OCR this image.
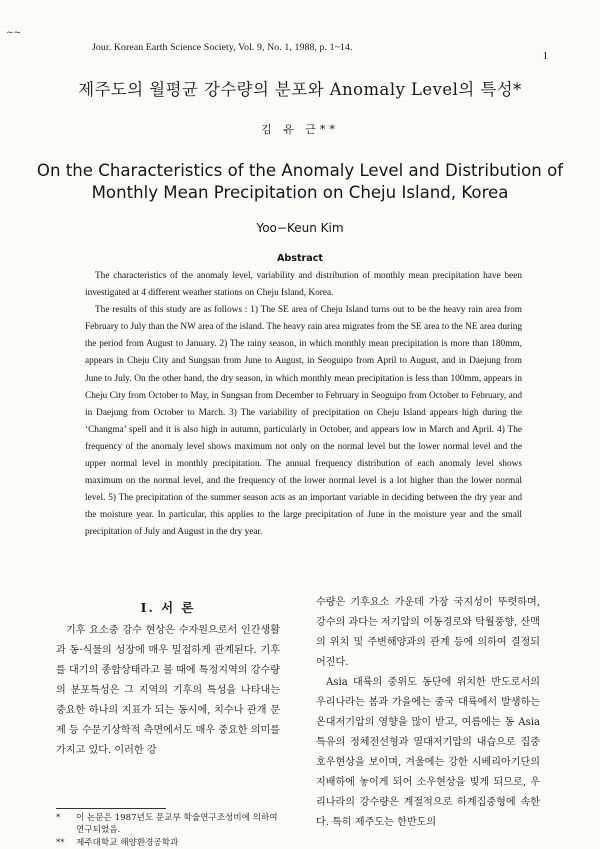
~~
Jour. Korean Earth Science Society, Vol. 9, No. 1, 1988, p. 1~14.
1
제주도의 월평균 강수량의 분포와 Anomaly Level의 특성*
김 유 근**
On the Characteristics of the Anomaly Level and Distribution of Monthly Mean Precipitation on Cheju Island, Korea
Yoo−Keun Kim
Abstract

The characteristics of the anomaly level, variability and distribution of monthly mean precipitation have been investigated at 4 different weather stations on Cheju Island, Korea.

The results of this study are as follows : 1) The SE area of Cheju Island turns out to be the heavy rain area from February to July than the NW area of the island. The heavy rain area migrates from the SE area to the NE area during the period from August to January. 2) The rainy season, in which monthly mean precipitation is more than 180mm, appears in Cheju City and Sungsan from June to August, in Seoguipo from April to August, and in Daejung from June to July. On the other hand, the dry season, in which monthly mean precipitation is less than 100mm, appears in Cheju City from October to May, in Sungsan from December to February in Seoguipo from October to February, and in Daejung from October to March. 3) The variability of precipitation on Cheju Island appears high during the ‘Changma’ spell and it is also high in autumn, particularly in October, and appears low in March and April. 4) The frequency of the anomaly level shows maximum not only on the normal level but the lower normal level and the upper normal level in monthly precipitation. The annual frequency distribution of each anomaly level shows maximum on the normal level, and the frequency of the lower normal level is a lot higher than the lower normal level. 5) The precipitation of the summer season acts as an important variable in deciding between the dry year and the moisture year. In particular, this applies to the large precipitation of June in the moisture year and the small precipitation of July and August in the dry year.

I. 서 론

기후 요소중 강수 현상은 수자원으로서 인간생활과 동·식물의 성장에 매우 밀접하게 관계된다. 기후를 대기의 종합상태라고 볼 때에 특정지역의 강수량의 분포특성은 그 지역의 기후의 특성을 나타내는 중요한 하나의 지표가 되는 동시에, 치수나 관개 문제 등 수문기상학적 측면에서도 매우 중요한 의미를 가지고 있다. 이러한 강

수량은 기후요소 가운데 가장 국지성이 뚜렷하며, 강수의 과다는 저기압의 이동경로와 탁월풍향, 산맥의 위치 및 주변해양과의 관계 등에 의하여 결정되어진다.

Asia 대륙의 중위도 동단에 위치한 반도로서의 우리나라는 봄과 가을에는 중국 대륙에서 발생하는 온대저기압의 영향을 많이 받고, 여름에는 동 Asia 특유의 정체전선형과 열대저기압의 내습으로 집중호우현상을 보이며, 겨울에는 강한 시베리아기단의 지배하에 놓이게 되어 소우현상을 빚게 되므로, 우리나라의 강수량은 계절적으로 하계집중형에 속한다. 특히 제주도는 한반도의

*	이 논문은 1987년도 문교부 학술연구조성비에 의하여 연구되었음.
**	제주대학교 해양환경공학과
